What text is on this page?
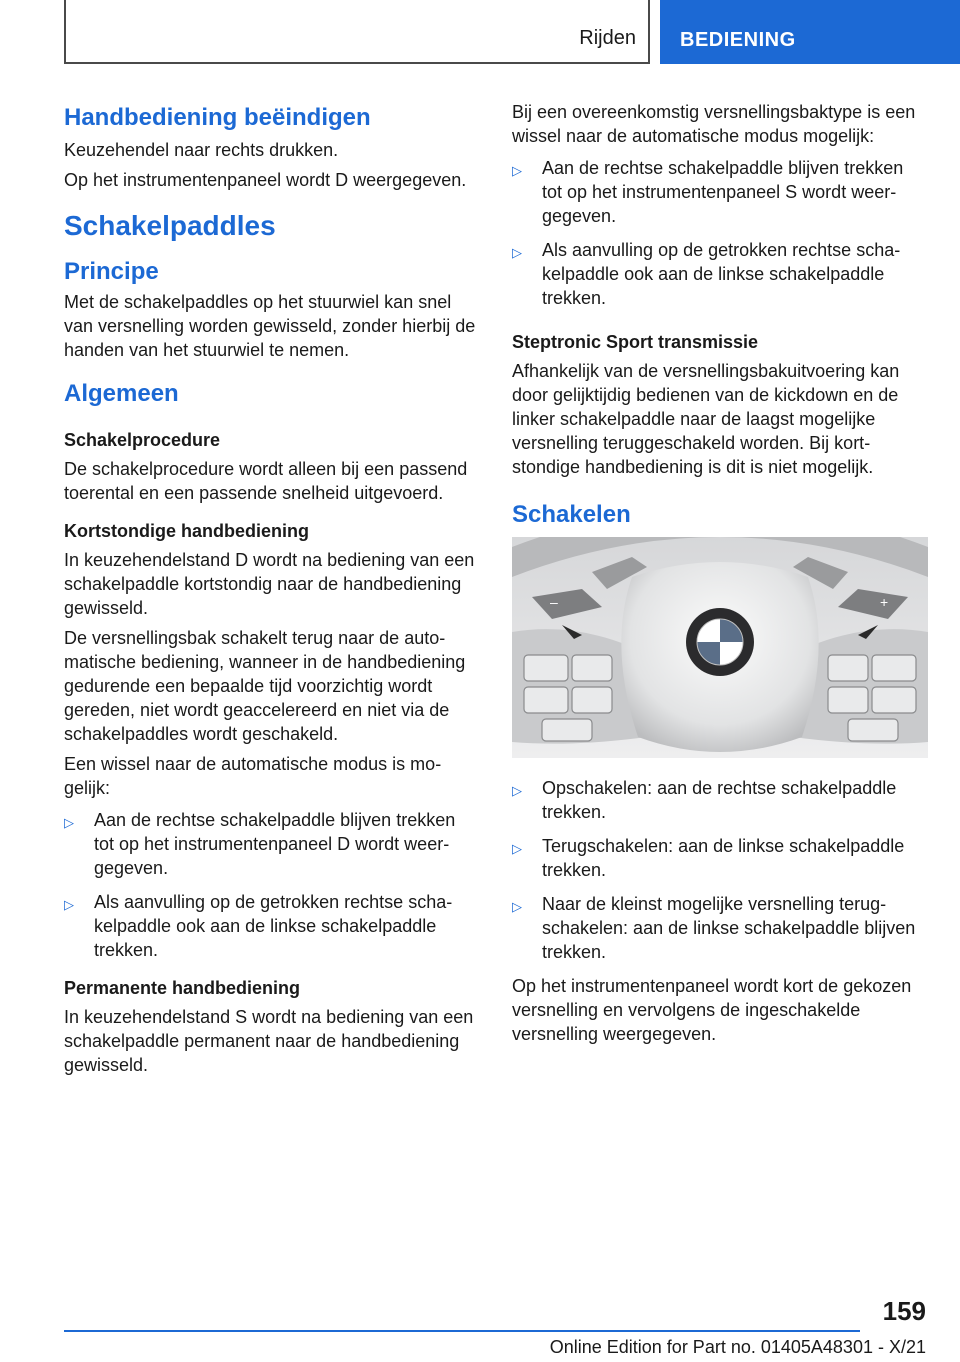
Rijden BEDIENING
Handbediening beëindigen

Keuzehendel naar rechts drukken.

Op het instrumentenpaneel wordt D weergegeven.

Schakelpaddles
Principe

Met de schakelpaddles op het stuurwiel kan snel van versnelling worden gewisseld, zonder hierbij de handen van het stuurwiel te nemen.

Algemeen
Schakelprocedure

De schakelprocedure wordt alleen bij een passend toerental en een passende snelheid uitgevoerd.

Kortstondige handbediening

In keuzehendelstand D wordt na bediening van een schakelpaddle kortstondig naar de handbediening gewisseld.

De versnellingsbak schakelt terug naar de automatische bediening, wanneer in de handbediening gedurende een bepaalde tijd voorzichtig wordt gereden, niet wordt geaccelereerd en niet via de schakelpaddles wordt geschakeld.

Een wissel naar de automatische modus is mogelijk:

▷ Aan de rechtse schakelpaddle blijven trekken tot op het instrumentenpaneel D wordt weergegeven.
▷ Als aanvulling op de getrokken rechtse schakelpaddle ook aan de linkse schakelpaddle trekken.
Permanente handbediening

In keuzehendelstand S wordt na bediening van een schakelpaddle permanent naar de handbediening gewisseld.

Bij een overeenkomstig versnellingsbaktype is een wissel naar de automatische modus mogelijk:

▷ Aan de rechtse schakelpaddle blijven trekken tot op het instrumentenpaneel S wordt weergegeven.
▷ Als aanvulling op de getrokken rechtse schakelpaddle ook aan de linkse schakelpaddle trekken.
Steptronic Sport transmissie

Afhankelijk van de versnellingsbakuitvoering kan door gelijktijdig bedienen van de kickdown en de linker schakelpaddle naar de laagst mogelijke versnelling teruggeschakeld worden. Bij kortstondige handbediening is dit is niet mogelijk.

Schakelen
–	+
▷ Opschakelen: aan de rechtse schakelpaddle trekken.
▷ Terugschakelen: aan de linkse schakelpaddle trekken.
▷ Naar de kleinst mogelijke versnelling terugschakelen: aan de linkse schakelpaddle blijven trekken.

Op het instrumentenpaneel wordt kort de gekozen versnelling en vervolgens de ingeschakelde versnelling weergegeven.

159
Online Edition for Part no. 01405A48301 - X/21
